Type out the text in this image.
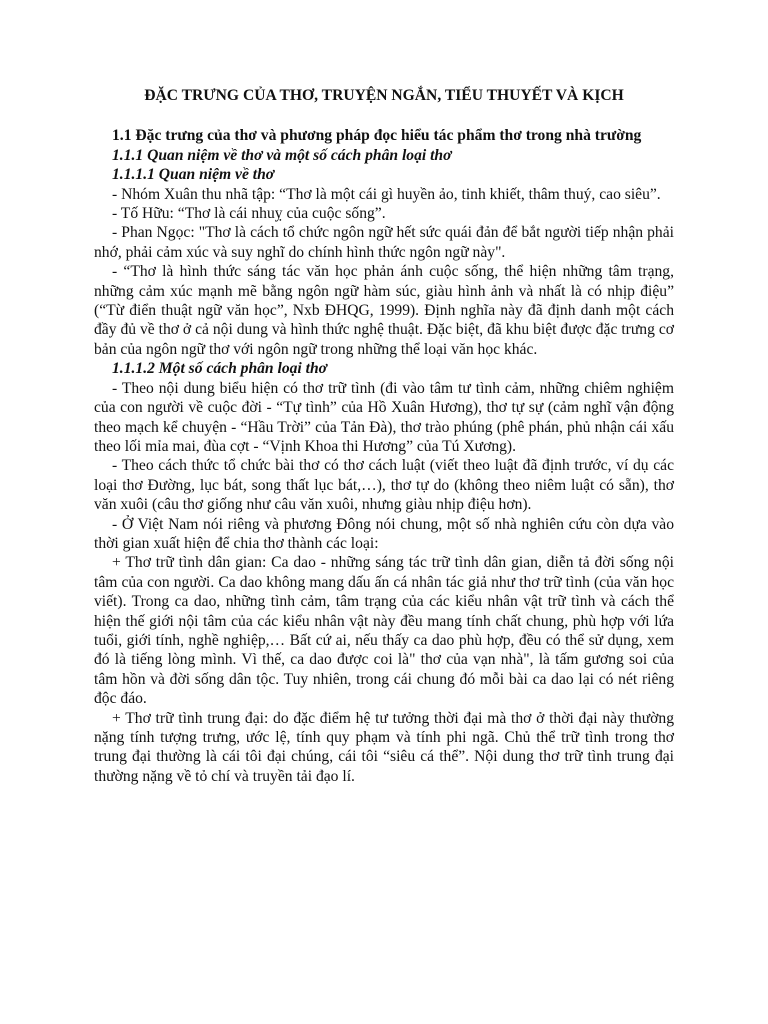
ĐẶC TRƯNG CỦA THƠ, TRUYỆN NGẮN, TIỂU THUYẾT VÀ KỊCH
1.1 Đặc trưng của thơ và phương pháp đọc hiểu tác phẩm thơ trong nhà trường
1.1.1 Quan niệm về thơ và một số cách phân loại thơ
1.1.1.1 Quan niệm về thơ
- Nhóm Xuân thu nhã tập: “Thơ là một cái gì huyền ảo, tinh khiết, thâm thuý, cao siêu”.
- Tố Hữu: “Thơ là cái nhuỵ của cuộc sống”.
- Phan Ngọc: "Thơ là cách tổ chức ngôn ngữ hết sức quái đản để bắt người tiếp nhận phải nhớ, phải cảm xúc và suy nghĩ do chính hình thức ngôn ngữ này".
- “Thơ là hình thức sáng tác văn học phản ánh cuộc sống, thể hiện những tâm trạng, những cảm xúc mạnh mẽ bằng ngôn ngữ hàm súc, giàu hình ảnh và nhất là có nhịp điệu” (“Từ điển thuật ngữ văn học”, Nxb ĐHQG, 1999). Định nghĩa này đã định danh một cách đầy đủ về thơ ở cả nội dung và hình thức nghệ thuật. Đặc biệt, đã khu biệt được đặc trưng cơ bản của ngôn ngữ thơ với ngôn ngữ trong những thể loại văn học khác.
1.1.1.2 Một số cách phân loại thơ
- Theo nội dung biểu hiện có thơ trữ tình (đi vào tâm tư tình cảm, những chiêm nghiệm của con người về cuộc đời - “Tự tình” của Hồ Xuân Hương), thơ tự sự (cảm nghĩ vận động theo mạch kể chuyện - “Hầu Trời” của Tản Đà), thơ trào phúng (phê phán, phủ nhận cái xấu theo lối mỉa mai, đùa cợt - “Vịnh Khoa thi Hương” của Tú Xương).
- Theo cách thức tổ chức bài thơ có thơ cách luật (viết theo luật đã định trước, ví dụ các loại thơ Đường, lục bát, song thất lục bát,…), thơ tự do (không theo niêm luật có sẵn), thơ văn xuôi (câu thơ giống như câu văn xuôi, nhưng giàu nhịp điệu hơn).
- Ở Việt Nam nói riêng và phương Đông nói chung, một số nhà nghiên cứu còn dựa vào thời gian xuất hiện để chia thơ thành các loại:
+ Thơ trữ tình dân gian: Ca dao - những sáng tác trữ tình dân gian, diễn tả đời sống nội tâm của con người. Ca dao không mang dấu ấn cá nhân tác giả như thơ trữ tình (của văn học viết). Trong ca dao, những tình cảm, tâm trạng của các kiểu nhân vật trữ tình và cách thể hiện thế giới nội tâm của các kiểu nhân vật này đều mang tính chất chung, phù hợp với lứa tuổi, giới tính, nghề nghiệp,… Bất cứ ai, nếu thấy ca dao phù hợp, đều có thể sử dụng, xem đó là tiếng lòng mình. Vì thế, ca dao được coi là" thơ của vạn nhà", là tấm gương soi của tâm hồn và đời sống dân tộc. Tuy nhiên, trong cái chung đó mỗi bài ca dao lại có nét riêng độc đáo.
+ Thơ trữ tình trung đại: do đặc điểm hệ tư tưởng thời đại mà thơ ở thời đại này thường nặng tính tượng trưng, ước lệ, tính quy phạm và tính phi ngã. Chủ thể trữ tình trong thơ trung đại thường là cái tôi đại chúng, cái tôi “siêu cá thể”. Nội dung thơ trữ tình trung đại thường nặng về tỏ chí và truyền tải đạo lí.
